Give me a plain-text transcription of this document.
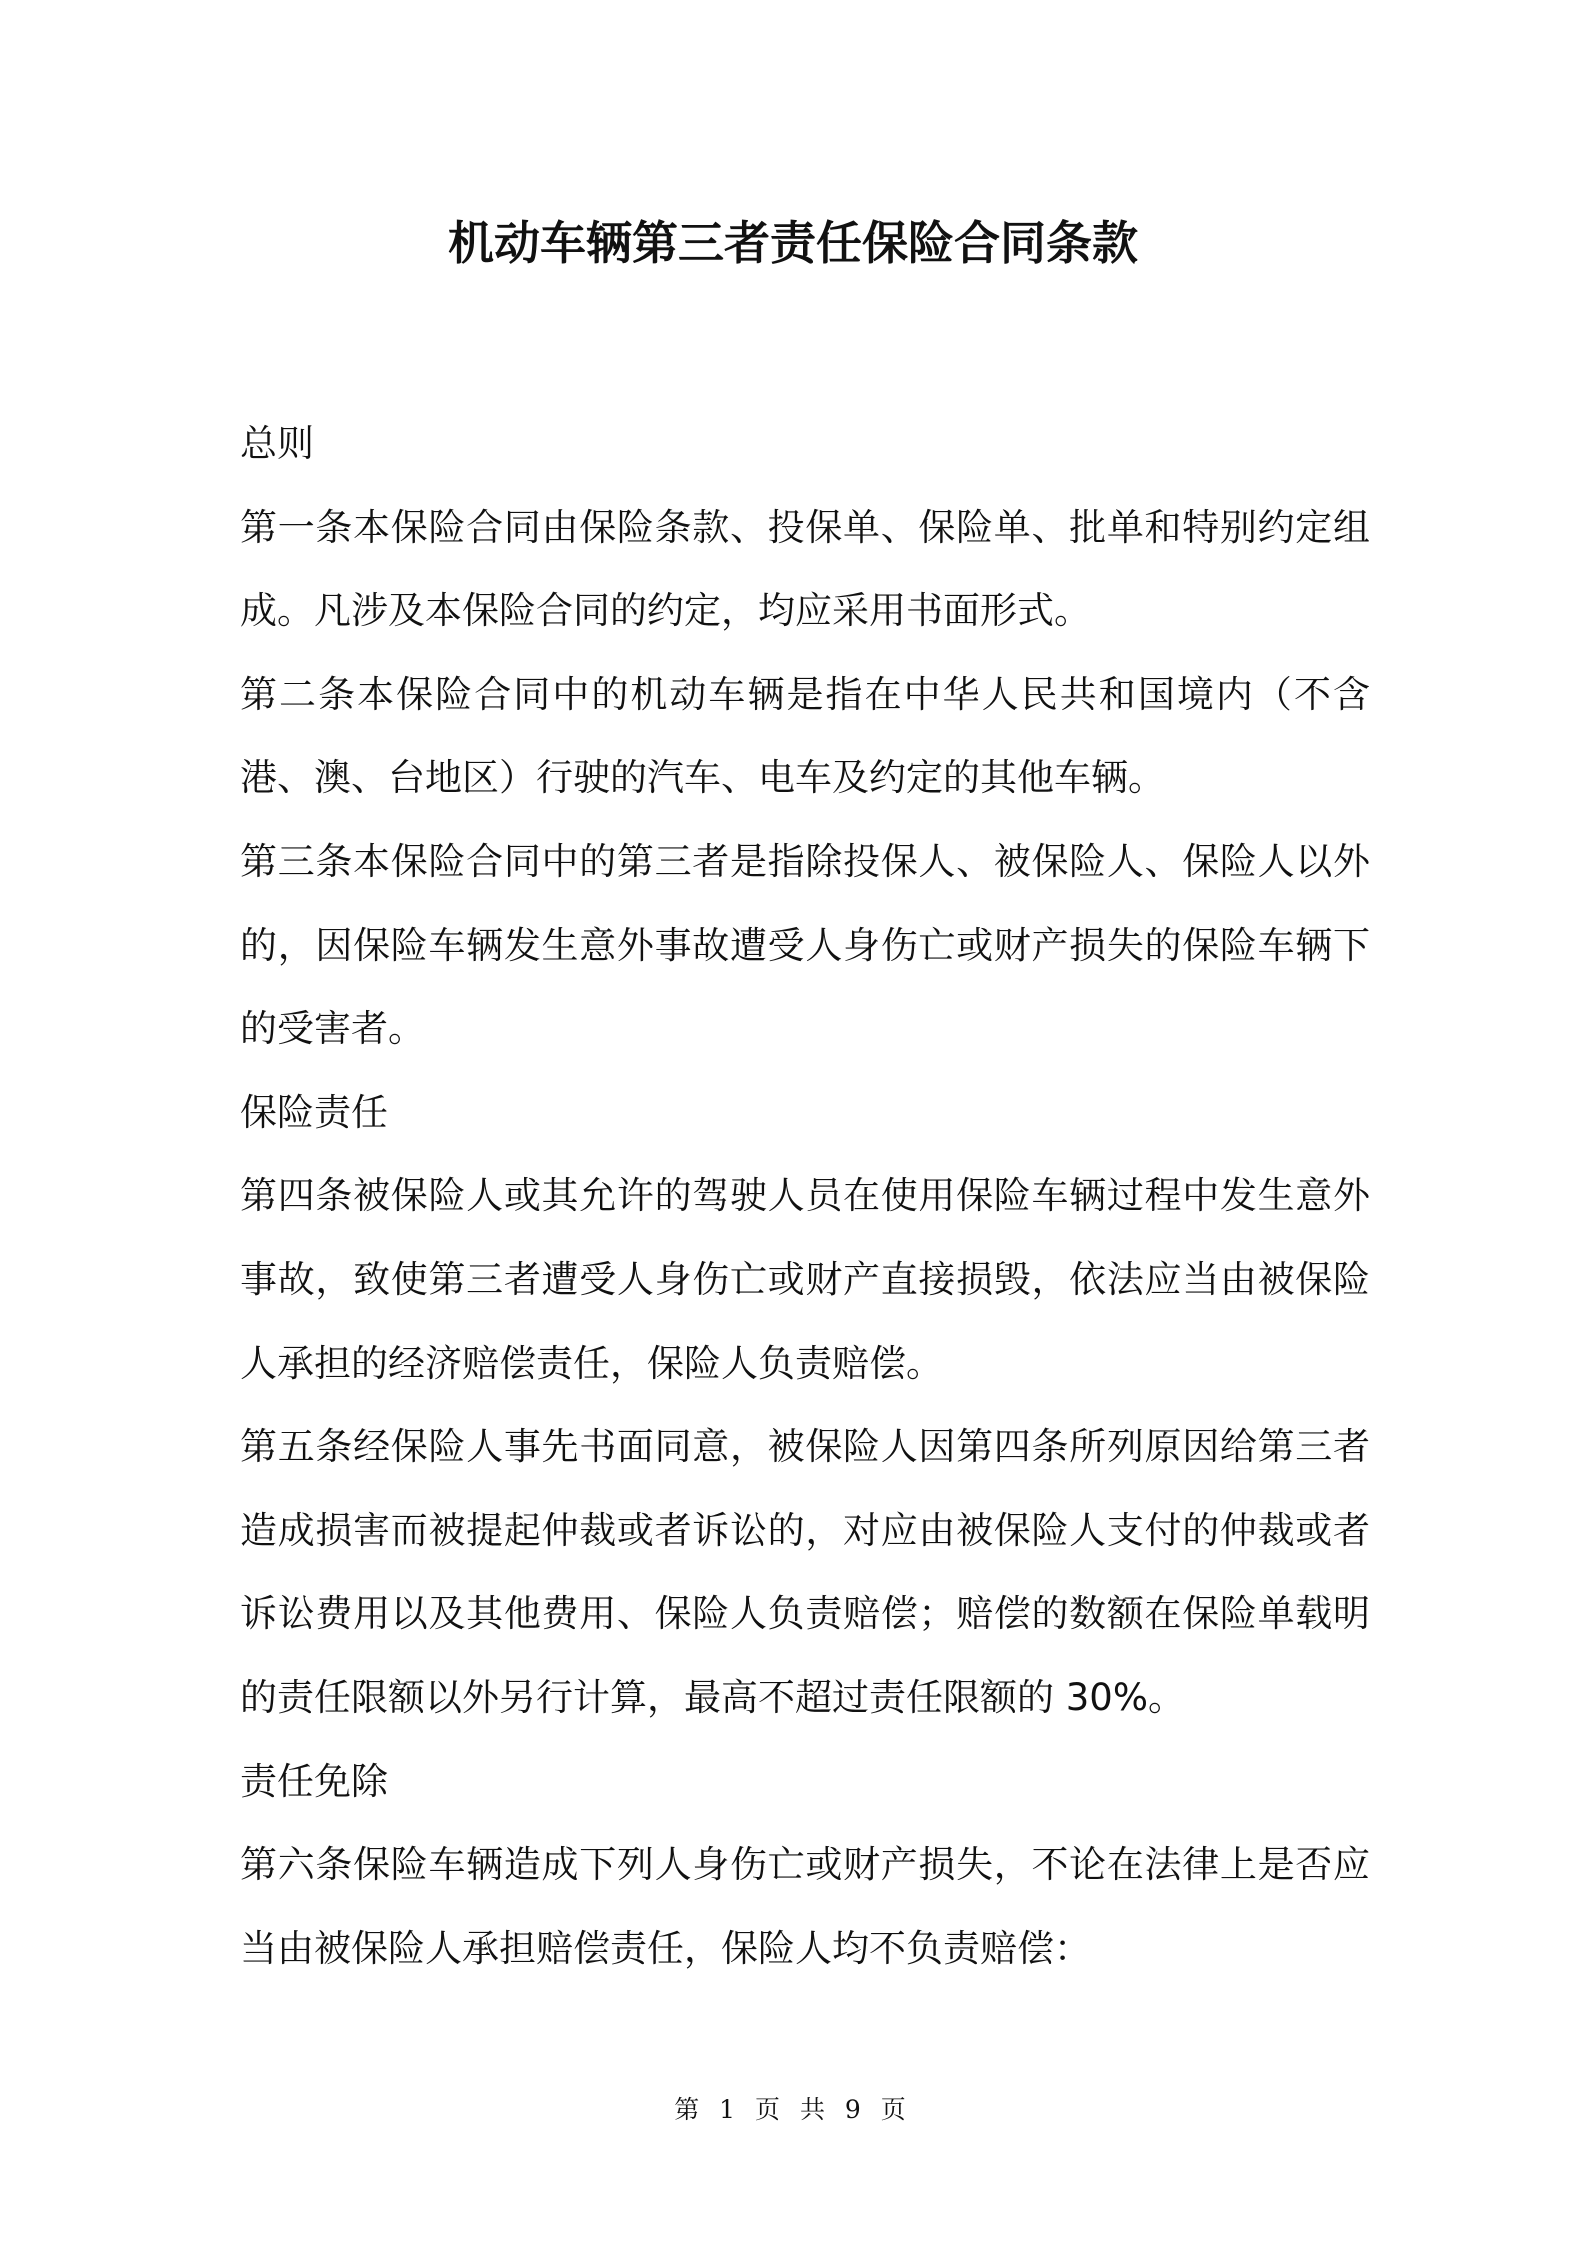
机动车辆第三者责任保险合同条款

总则

第一条本保险合同由保险条款、投保单、保险单、批单和特别约定组成。凡涉及本保险合同的约定，均应采用书面形式。

第二条本保险合同中的机动车辆是指在中华人民共和国境内（不含港、澳、台地区）行驶的汽车、电车及约定的其他车辆。

第三条本保险合同中的第三者是指除投保人、被保险人、保险人以外的，因保险车辆发生意外事故遭受人身伤亡或财产损失的保险车辆下的受害者。

保险责任

第四条被保险人或其允许的驾驶人员在使用保险车辆过程中发生意外事故，致使第三者遭受人身伤亡或财产直接损毁，依法应当由被保险人承担的经济赔偿责任，保险人负责赔偿。

第五条经保险人事先书面同意，被保险人因第四条所列原因给第三者造成损害而被提起仲裁或者诉讼的，对应由被保险人支付的仲裁或者诉讼费用以及其他费用、保险人负责赔偿；赔偿的数额在保险单载明的责任限额以外另行计算，最高不超过责任限额的 30%。

责任免除

第六条保险车辆造成下列人身伤亡或财产损失，不论在法律上是否应当由被保险人承担赔偿责任，保险人均不负责赔偿：

第 1 页 共 9 页
